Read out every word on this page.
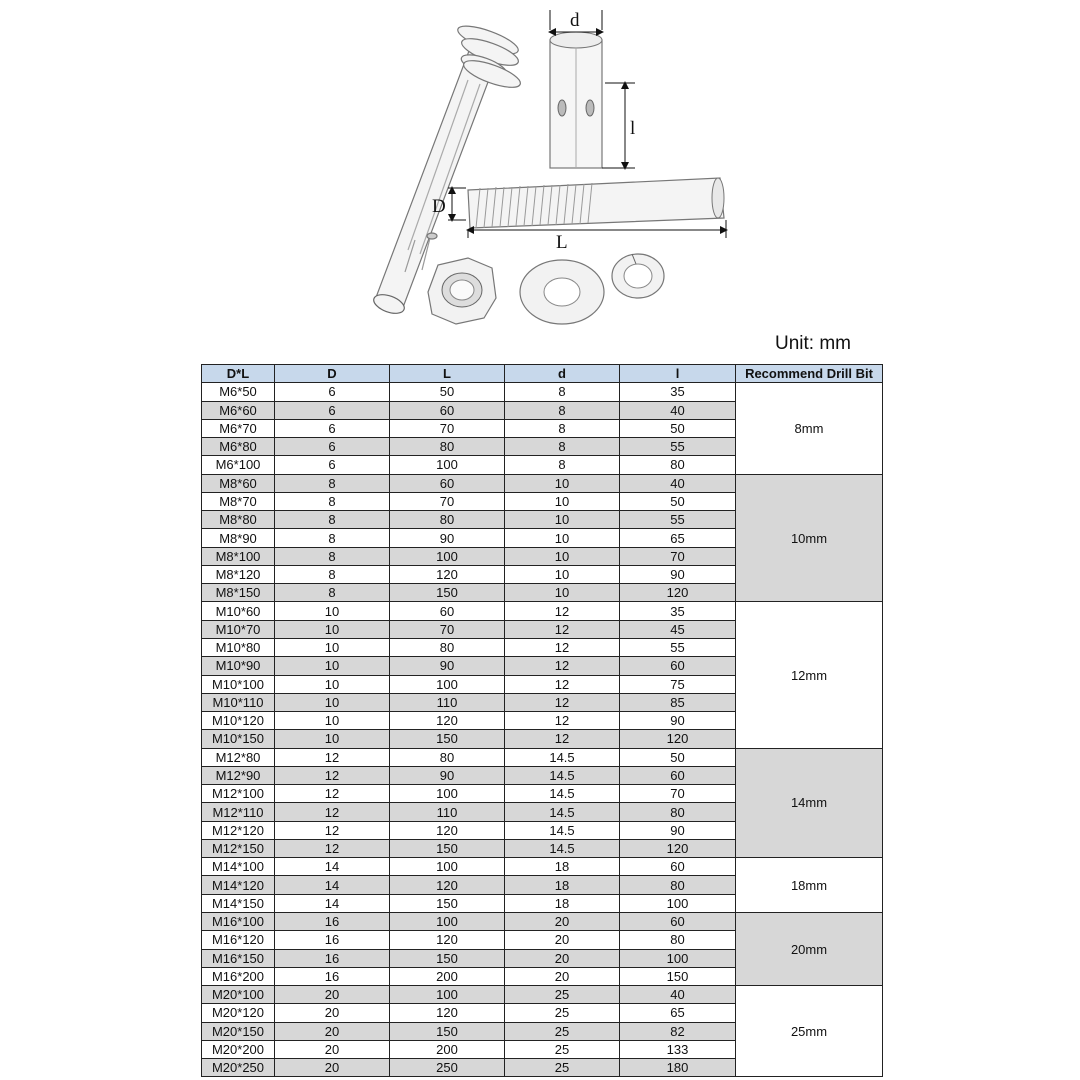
d
l
D
L
Unit: mm
D*L	D	L	d	l	Recommend Drill Bit
M6*50	6	50	8	35	8mm
M6*60	6	60	8	40	
M6*70	6	70	8	50	
M6*80	6	80	8	55	
M6*100	6	100	8	80	
M8*60	8	60	10	40	10mm
M8*70	8	70	10	50	
M8*80	8	80	10	55	
M8*90	8	90	10	65	
M8*100	8	100	10	70	
M8*120	8	120	10	90	
M8*150	8	150	10	120	
M10*60	10	60	12	35	12mm
M10*70	10	70	12	45	
M10*80	10	80	12	55	
M10*90	10	90	12	60	
M10*100	10	100	12	75	
M10*110	10	110	12	85	
M10*120	10	120	12	90	
M10*150	10	150	12	120	
M12*80	12	80	14.5	50	14mm
M12*90	12	90	14.5	60	
M12*100	12	100	14.5	70	
M12*110	12	110	14.5	80	
M12*120	12	120	14.5	90	
M12*150	12	150	14.5	120	
M14*100	14	100	18	60	18mm
M14*120	14	120	18	80	
M14*150	14	150	18	100	
M16*100	16	100	20	60	20mm
M16*120	16	120	20	80	
M16*150	16	150	20	100	
M16*200	16	200	20	150	
M20*100	20	100	25	40	25mm
M20*120	20	120	25	65	
M20*150	20	150	25	82	
M20*200	20	200	25	133	
M20*250	20	250	25	180	
